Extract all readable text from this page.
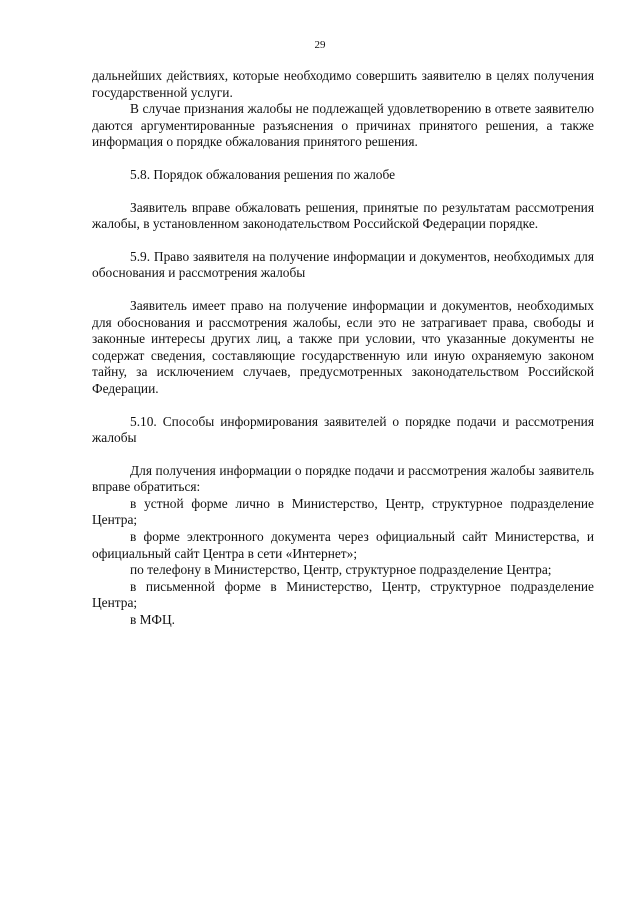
29

дальнейших действиях, которые необходимо совершить заявителю в целях получения государственной услуги.

В случае признания жалобы не подлежащей удовлетворению в ответе заявителю даются аргументированные разъяснения о причинах принятого решения, а также информация о порядке обжалования принятого решения.

5.8. Порядок обжалования решения по жалобе

Заявитель вправе обжаловать решения, принятые по результатам рассмотрения жалобы, в установленном законодательством Российской Федерации порядке.

5.9. Право заявителя на получение информации и документов, необходимых для обоснования и рассмотрения жалобы

Заявитель имеет право на получение информации и документов, необходимых для обоснования и рассмотрения жалобы, если это не затрагивает права, свободы и законные интересы других лиц, а также при условии, что указанные документы не содержат сведения, составляющие государственную или иную охраняемую законом тайну, за исключением случаев, предусмотренных законодательством Российской Федерации.

5.10. Способы информирования заявителей о порядке подачи и рассмотрения жалобы

Для получения информации о порядке подачи и рассмотрения жалобы заявитель вправе обратиться:

в устной форме лично в Министерство, Центр, структурное подразделение Центра;

в форме электронного документа через официальный сайт Министерства, и официальный сайт Центра в сети «Интернет»;

по телефону в Министерство, Центр, структурное подразделение Центра;

в письменной форме в Министерство, Центр, структурное подразделение Центра;

в МФЦ.
